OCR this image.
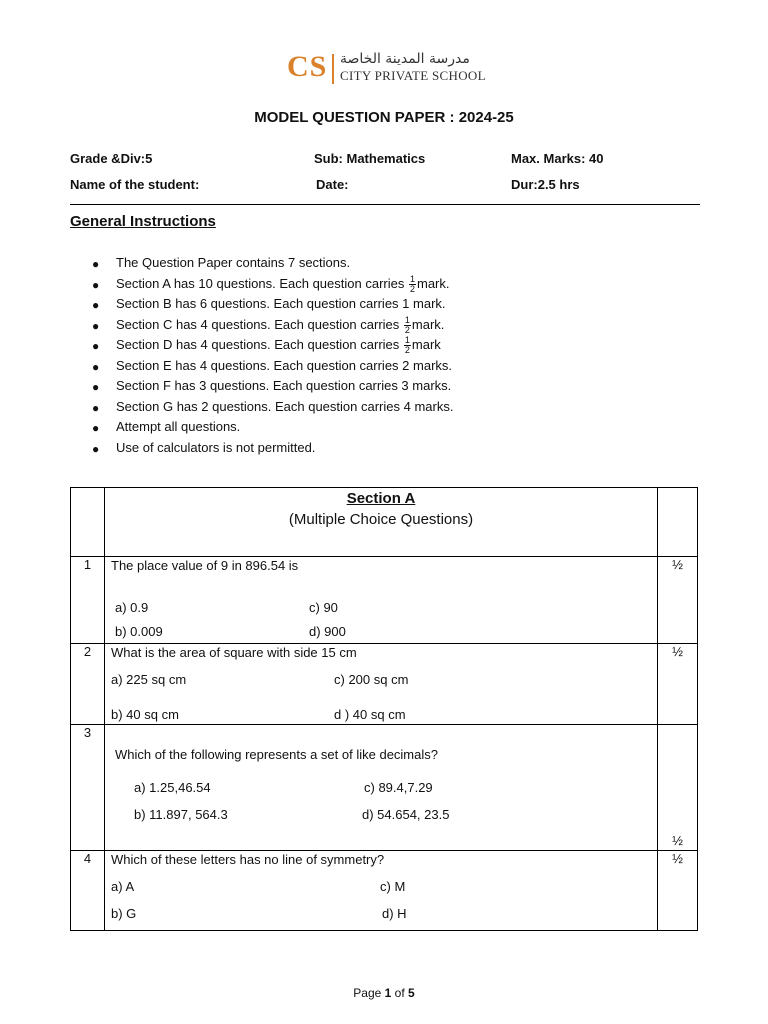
CS مدرسة المدينة الخاصة
CITY PRIVATE SCHOOL
MODEL QUESTION PAPER : 2024-25
Grade &Div:5	Sub: Mathematics	Max. Marks: 40
Name of the student:	Date:	Dur:2.5 hrs
General Instructions
● The Question Paper contains 7 sections.
● Section A has 10 questions. Each question carries $\frac{1}{2}$ mark.
● Section B has 6 questions. Each question carries 1 mark.
● Section C has 4 questions. Each question carries $\frac{1}{2}$ mark.
● Section D has 4 questions. Each question carries $\frac{1}{2}$ mark
● Section E has 4 questions. Each question carries 2 marks.
● Section F has 3 questions. Each question carries 3 marks.
● Section G has 2 questions. Each question carries 4 marks.
● Attempt all questions.
● Use of calculators is not permitted.

	Section A
(Multiple Choice Questions)	

1	The place value of 9 in 896.54 is
a) 0.9
b) 0.009
c) 90
d) 900	½
2	What is the area of square with side 15 cm
a) 225 sq cm
b) 40 sq cm
c) 200 sq cm
d ) 40 sq cm	½
3	Which of the following represents a set of like decimals?
a) 1.25,46.54
b) 11.897, 564.3
c) 89.4,7.29
d) 54.654, 23.5	½
4	Which of these letters has no line of symmetry?
a) A
b) G
c) M
d) H	½
Page 1 of 5
